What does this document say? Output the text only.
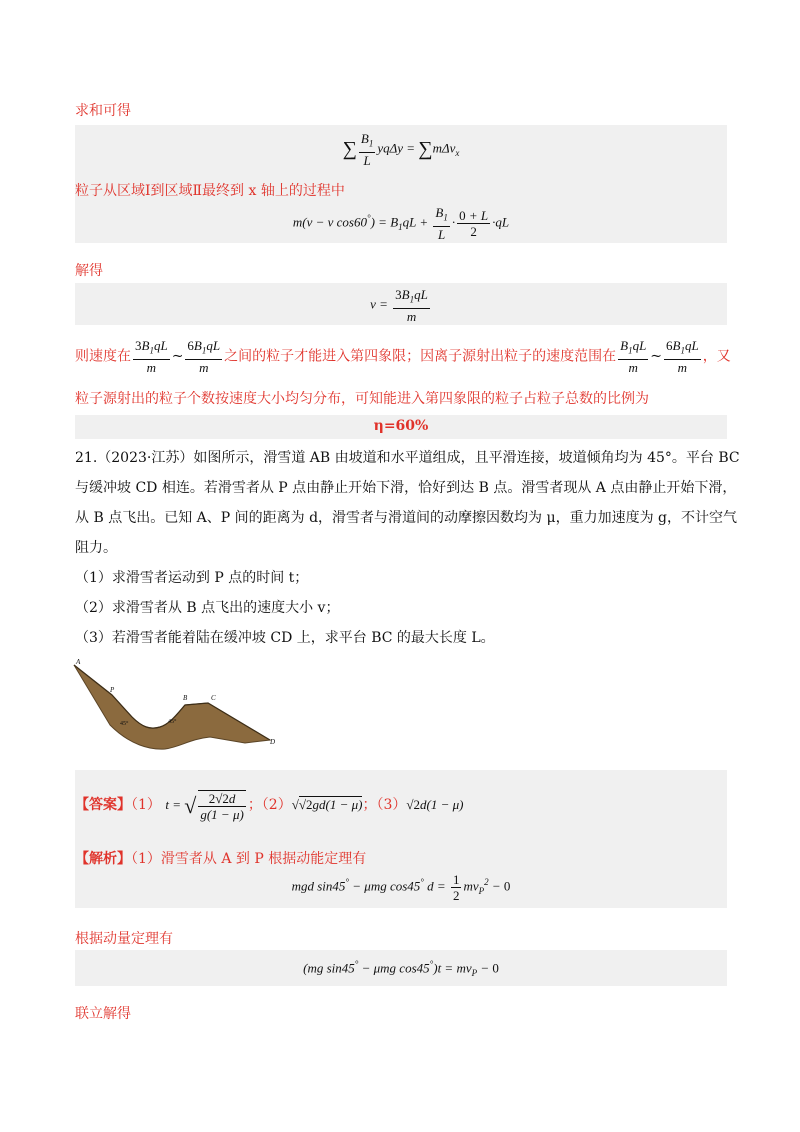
求和可得
∑ $\frac{B_1}{L}$ yqΔy = ∑mΔv$_x$
粒子从区域Ⅰ到区域Ⅱ最终到 x 轴上的过程中
m(v − v $\cos 60^\circ) = B_1qL + \frac{B_1}{L} \cdot \frac{0 + L}{2} \cdot qL$
解得
$v = \frac{3B_1qL}{m}$
则速度在 $\frac{3B_1qL}{m}$ ~ $\frac{6B_1qL}{m}$ 之间的粒子才能进入第四象限；因离子源射出粒子的速度范围在 $\frac{B_1qL}{m}$ ~ $\frac{6B_1qL}{m}$ ，又
粒子源射出的粒子个数按速度大小均匀分布，可知能进入第四象限的粒子占粒子总数的比例为
η=60%
21.（2023·江苏）如图所示，滑雪道 AB 由坡道和水平道组成，且平滑连接，坡道倾角均为 45°。平台 BC
与缓冲坡 CD 相连。若滑雪者从 P 点由静止开始下滑，恰好到达 B 点。滑雪者现从 A 点由静止开始下滑，
从 B 点飞出。已知 A、P 间的距离为 d，滑雪者与滑道间的动摩擦因数均为 μ，重力加速度为 g，不计空气
阻力。
（1）求滑雪者运动到 P 点的时间 t；
（2）求滑雪者从 B 点飞出的速度大小 v；
（3）若滑雪者能着陆在缓冲坡 CD 上，求平台 BC 的最大长度 L。
A
P
B	C
D
45°	45°
【答案】（1） t = √ $\frac{2√2d}{g(1 - \mu)}$ ；（2）√√2gd(1 − μ)；（3）√2d(1 − μ)
【解析】（1）滑雪者从 A 到 P 根据动能定理有
mgd sin45° − μmg cos45° $d = \frac{1}{2} mv_P^2 - 0$
根据动量定理有
(mg sin45° − μmg $\cos 45^\circ)t = mv_P - 0$
联立解得
